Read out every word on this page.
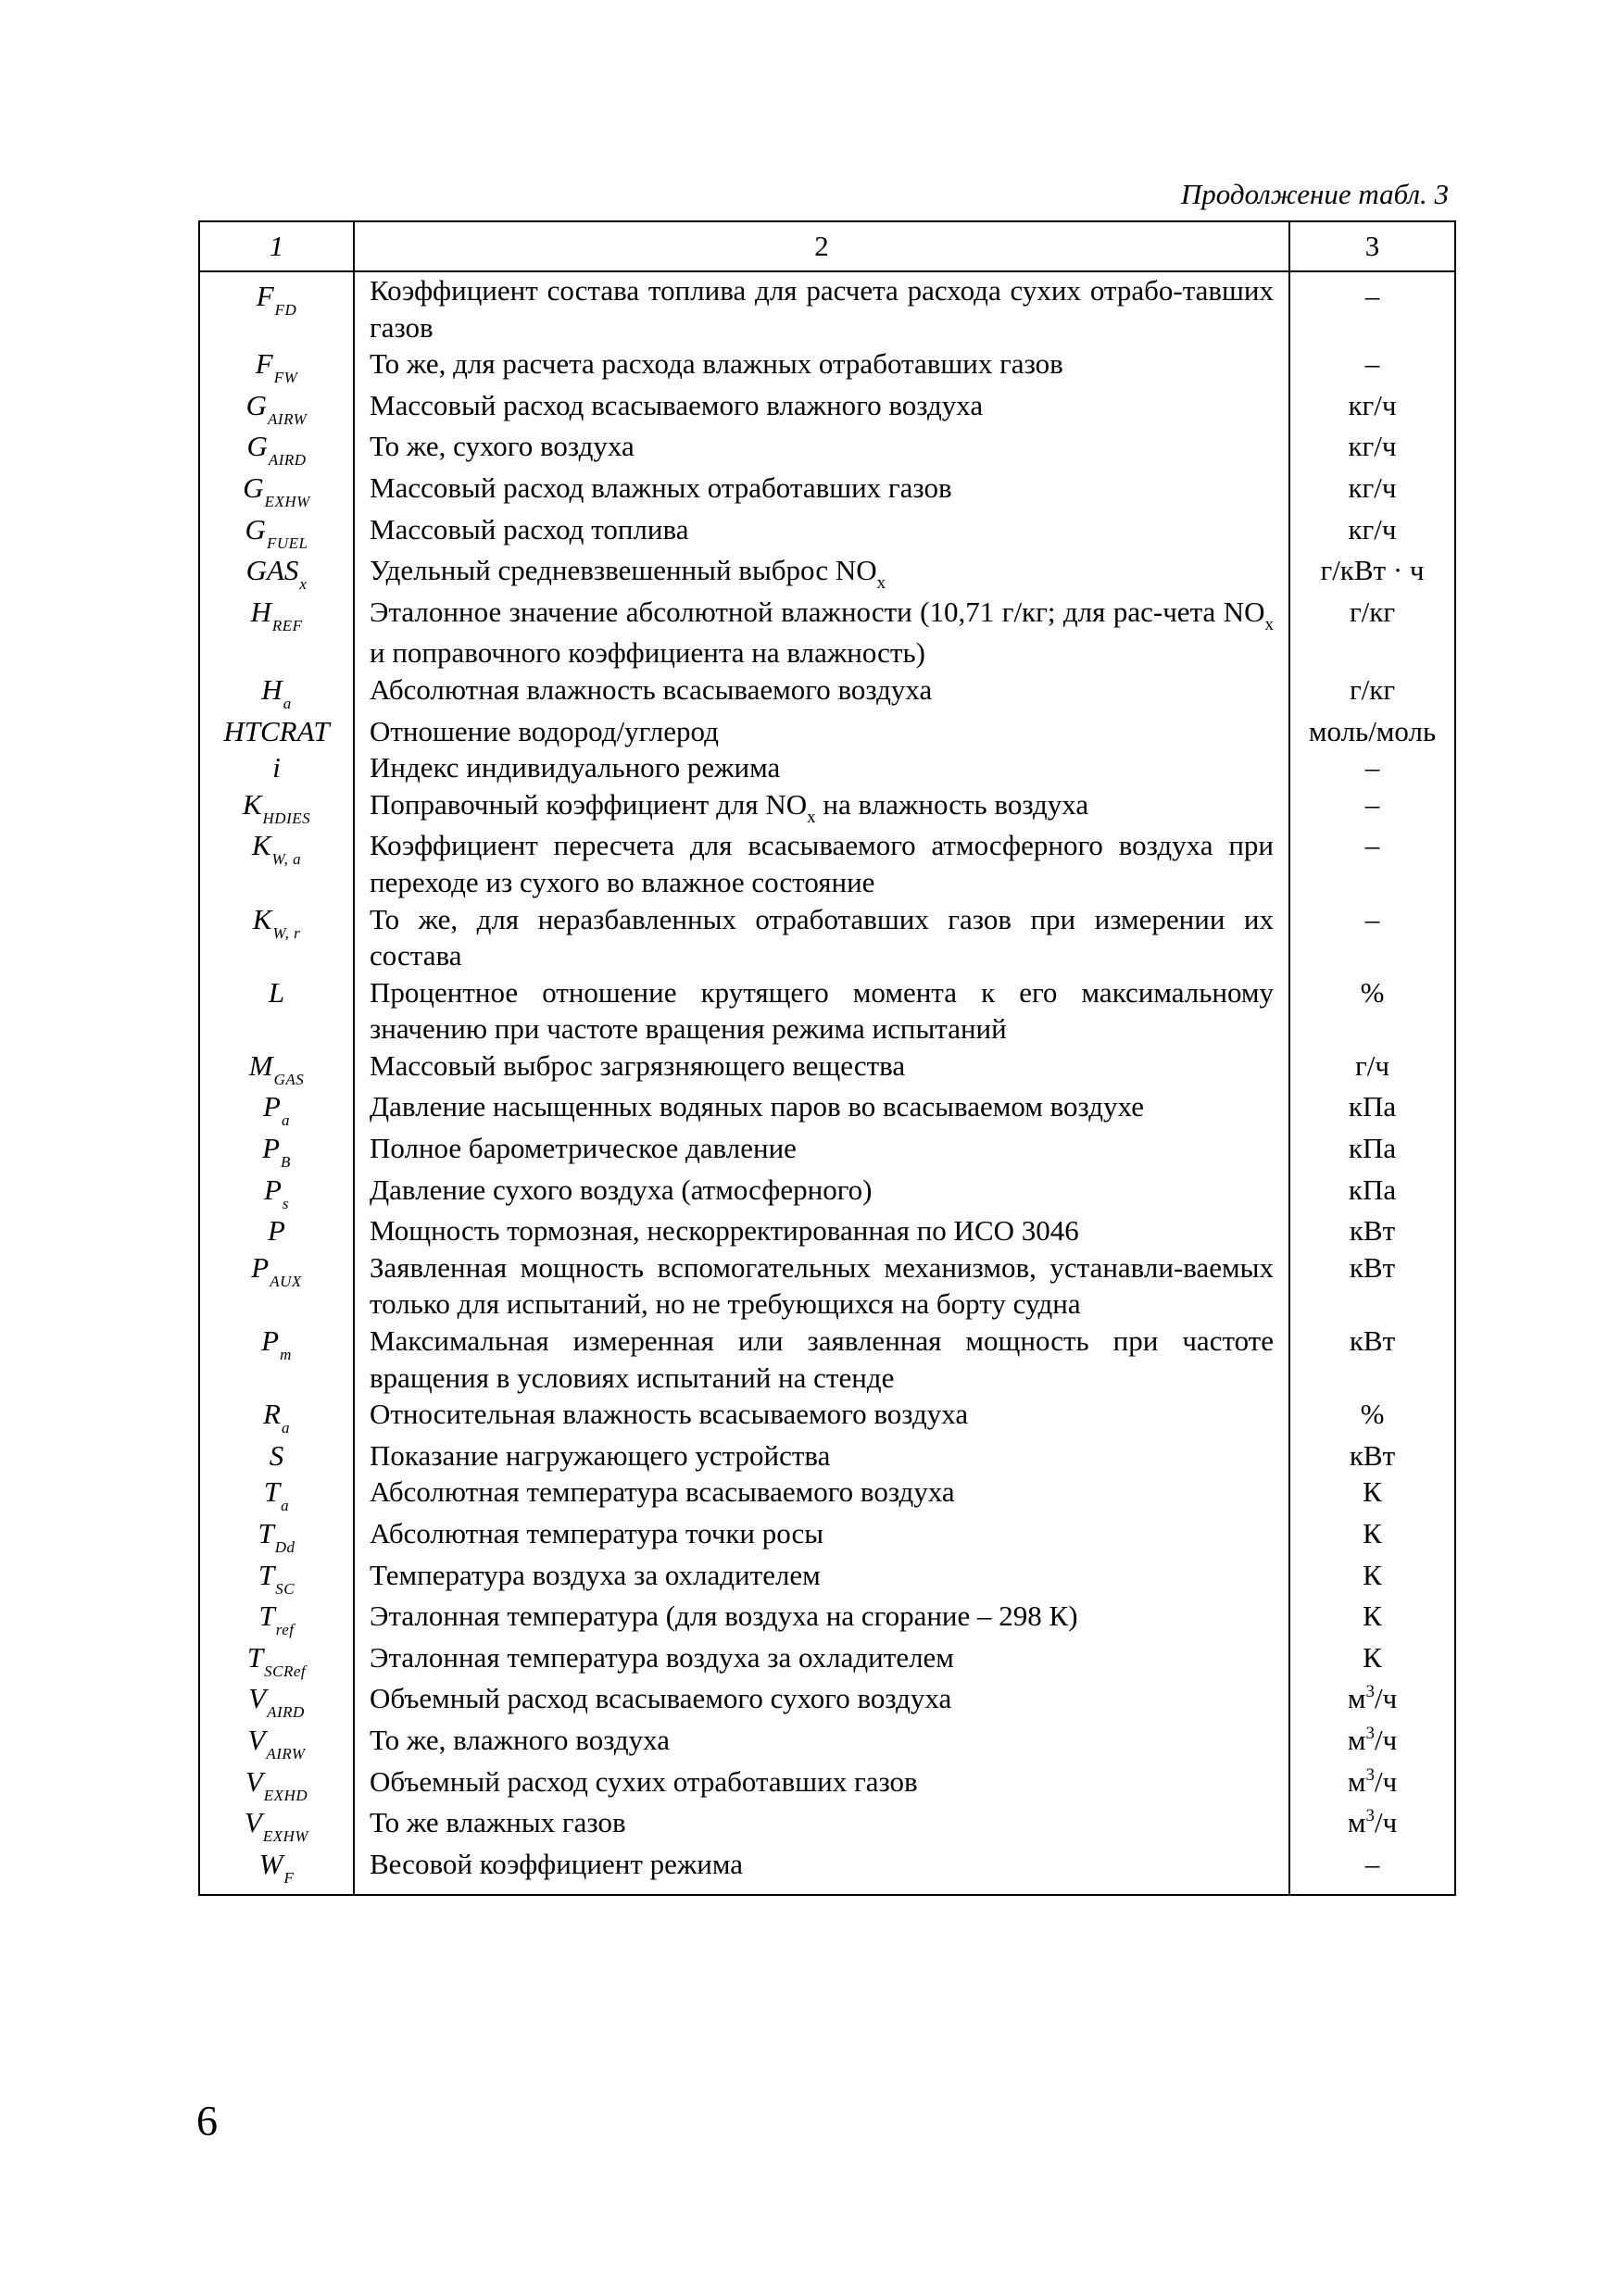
Продолжение табл. 3
1	2	3
$F_{FD}$	Коэффициент состава топлива для расчета расхода сухих отрабо-тавших газов	–
$F_{FW}$	То же, для расчета расхода влажных отработавших газов	–
$G_{AIRW}$	Массовый расход всасываемого влажного воздуха	кг/ч
$G_{AIRD}$	То же, сухого воздуха	кг/ч
$G_{EXHW}$	Массовый расход влажных отработавших газов	кг/ч
$G_{FUEL}$	Массовый расход топлива	кг/ч
$GAS_x$	Удельный средневзвешенный выброс $NO_x$	г/кВт · ч
$H_{REF}$	Эталонное значение абсолютной влажности (10,71 г/кг; для рас-чета $NO_x$ и поправочного коэффициента на влажность)	г/кг
$H_a$	Абсолютная влажность всасываемого воздуха	г/кг
HTCRAT	Отношение водород/углерод	моль/моль
i	Индекс индивидуального режима	–
$K_{HDIES}$	Поправочный коэффициент для $NO_x$ на влажность воздуха	–
$K_{W, a}$	Коэффициент пересчета для всасываемого атмосферного воздуха при переходе из сухого во влажное состояние	–
$K_{W, r}$	То же, для неразбавленных отработавших газов при измерении их состава	–
L	Процентное отношение крутящего момента к его максимальному значению при частоте вращения режима испытаний	%
$M_{GAS}$	Массовый выброс загрязняющего вещества	г/ч
$P_a$	Давление насыщенных водяных паров во всасываемом воздухе	кПа
$P_B$	Полное барометрическое давление	кПа
$P_s$	Давление сухого воздуха (атмосферного)	кПа
P	Мощность тормозная, нескорректированная по ИСО 3046	кВт
$P_{AUX}$	Заявленная мощность вспомогательных механизмов, устанавли-ваемых только для испытаний, но не требующихся на борту судна	кВт
$P_m$	Максимальная измеренная или заявленная мощность при частоте вращения в условиях испытаний на стенде	кВт
$R_a$	Относительная влажность всасываемого воздуха	%
S	Показание нагружающего устройства	кВт
$T_a$	Абсолютная температура всасываемого воздуха	К
$T_{Dd}$	Абсолютная температура точки росы	К
$T_{SC}$	Температура воздуха за охладителем	К
$T_{ref}$	Эталонная температура (для воздуха на сгорание – 298 К)	К
$T_{SCRef}$	Эталонная температура воздуха за охладителем	К
$V_{AIRD}$	Объемный расход всасываемого сухого воздуха	$м^3/ч$
$V_{AIRW}$	То же, влажного воздуха	$м^3/ч$
$V_{EXHD}$	Объемный расход сухих отработавших газов	$м^3/ч$
$V_{EXHW}$	То же влажных газов	$м^3/ч$
$W_F$	Весовой коэффициент режима	–
6
